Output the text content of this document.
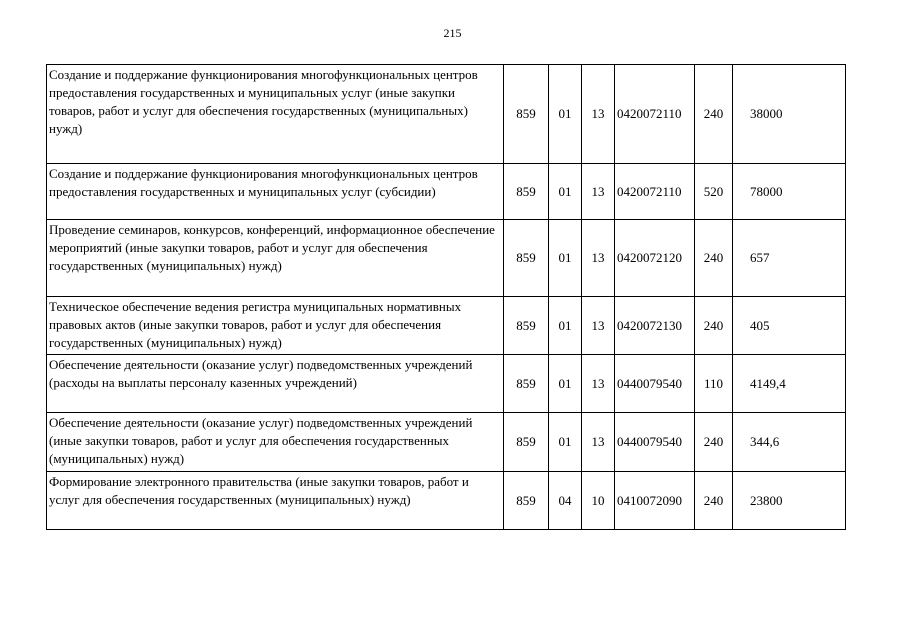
215
Создание и поддержание функционирования многофункциональных центров предоставления государственных и муниципальных услуг (иные закупки товаров, работ и услуг для обеспечения государственных (муниципальных) нужд)	859	01	13	0420072110	240	38000
Создание и поддержание функционирования многофункциональных центров предоставления государственных и муниципальных услуг (субсидии)	859	01	13	0420072110	520	78000
Проведение семинаров, конкурсов, конференций, информационное обеспечение мероприятий (иные закупки товаров, работ и услуг для обеспечения государственных (муниципальных) нужд)	859	01	13	0420072120	240	657
Техническое обеспечение ведения регистра муниципальных нормативных правовых актов (иные закупки товаров, работ и услуг для обеспечения государственных (муниципальных) нужд)	859	01	13	0420072130	240	405
Обеспечение деятельности (оказание услуг) подведомственных учреждений (расходы на выплаты персоналу казенных учреждений)	859	01	13	0440079540	110	4149,4
Обеспечение деятельности (оказание услуг) подведомственных учреждений (иные закупки товаров, работ и услуг для обеспечения государственных (муниципальных) нужд)	859	01	13	0440079540	240	344,6
Формирование электронного правительства (иные закупки товаров, работ и услуг для обеспечения государственных (муниципальных) нужд)	859	04	10	0410072090	240	23800
